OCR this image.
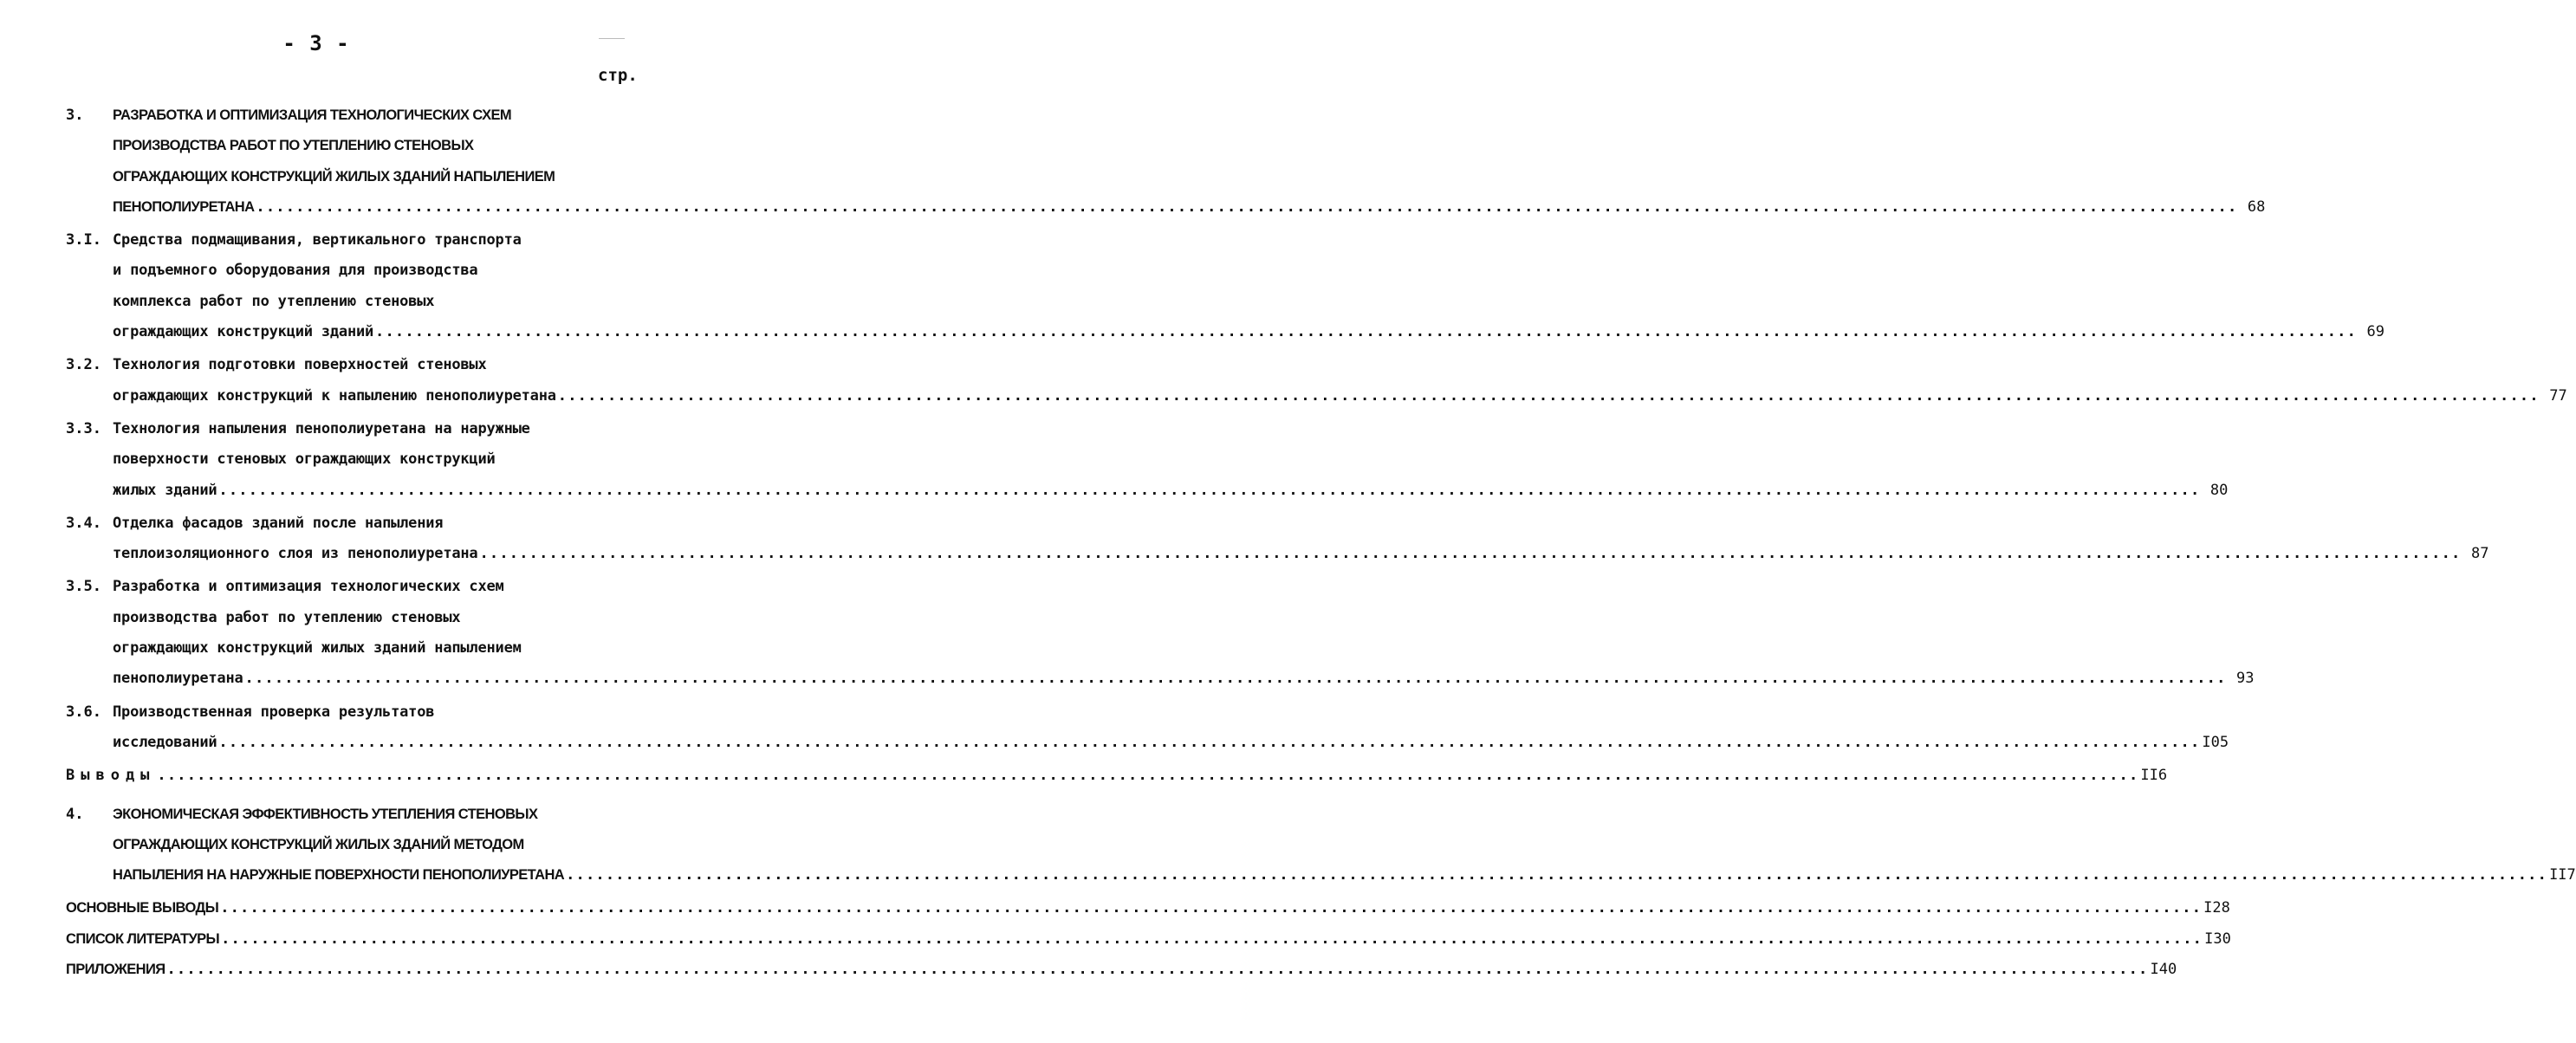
- 3 -
стр.
3.	РАЗРАБОТКА И ОПТИМИЗАЦИЯ ТЕХНОЛОГИЧЕСКИХ СХЕМ
ПРОИЗВОДСТВА РАБОТ ПО УТЕПЛЕНИЮ СТЕНОВЫХ
ОГРАЖДАЮЩИХ КОНСТРУКЦИЙ ЖИЛЫХ ЗДАНИЙ НАПЫЛЕНИЕМ
ПЕНОПОЛИУРЕТАНА ........................................................................................................................................................................................................ 68
3.I. Средства подмащивания, вертикального транспорта
и подъемного оборудования для производства
комплекса работ по утеплению стеновых
ограждающих конструкций зданий ........................................................................................................................................................................................................ 69
3.2. Технология подготовки поверхностей стеновых
ограждающих конструкций к напылению пенополиуретана ........................................................................................................................................................................................................ 77
3.3. Технология напыления пенополиуретана на наружные
поверхности стеновых ограждающих конструкций
жилых зданий ........................................................................................................................................................................................................ 80
3.4. Отделка фасадов зданий после напыления
теплоизоляционного слоя из пенополиуретана ........................................................................................................................................................................................................ 87
3.5. Разработка и оптимизация технологических схем
производства работ по утеплению стеновых
ограждающих конструкций жилых зданий напылением
пенополиуретана ........................................................................................................................................................................................................ 93
3.6. Производственная проверка результатов
исследований ........................................................................................................................................................................................................ I05
Выводы ........................................................................................................................................................................................................ II6
4.	ЭКОНОМИЧЕСКАЯ ЭФФЕКТИВНОСТЬ УТЕПЛЕНИЯ СТЕНОВЫХ
ОГРАЖДАЮЩИХ КОНСТРУКЦИЙ ЖИЛЫХ ЗДАНИЙ МЕТОДОМ
НАПЫЛЕНИЯ НА НАРУЖНЫЕ ПОВЕРХНОСТИ ПЕНОПОЛИУРЕТАНА ........................................................................................................................................................................................................ II7
ОСНОВНЫЕ ВЫВОДЫ ........................................................................................................................................................................................................ I28
СПИСОК ЛИТЕРАТУРЫ ........................................................................................................................................................................................................ I30
ПРИЛОЖЕНИЯ ........................................................................................................................................................................................................ I40
